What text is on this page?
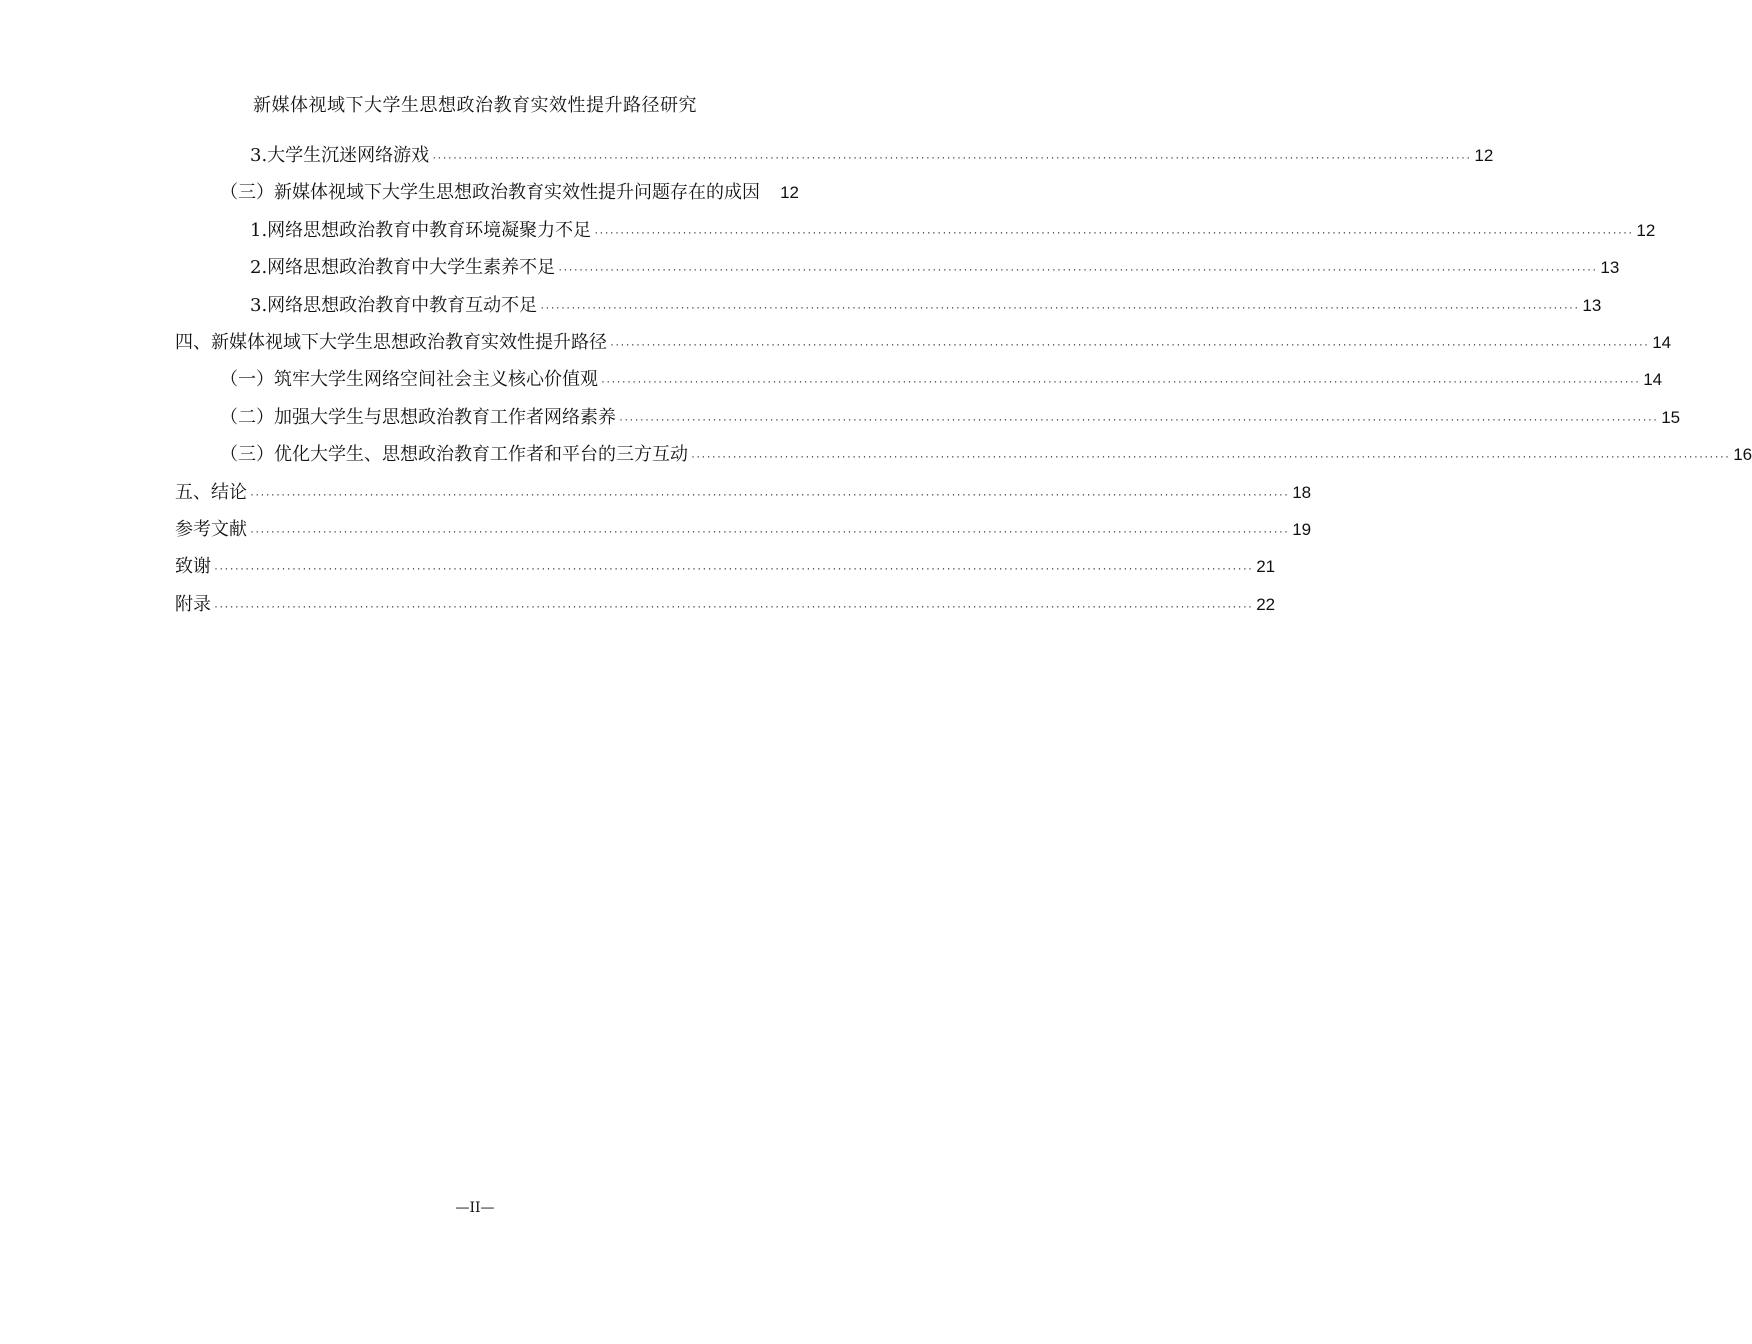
新媒体视域下大学生思想政治教育实效性提升路径研究
3.大学生沉迷网络游戏 ········································································································································································································ 12
（三）新媒体视域下大学生思想政治教育实效性提升问题存在的成因 12
1.网络思想政治教育中教育环境凝聚力不足 ········································································································································································································ 12
2.网络思想政治教育中大学生素养不足 ········································································································································································································ 13
3.网络思想政治教育中教育互动不足 ········································································································································································································ 13
四、新媒体视域下大学生思想政治教育实效性提升路径 ········································································································································································································ 14
（一）筑牢大学生网络空间社会主义核心价值观 ········································································································································································································ 14
（二）加强大学生与思想政治教育工作者网络素养 ········································································································································································································ 15
（三）优化大学生、思想政治教育工作者和平台的三方互动 ········································································································································································································ 16
五、结论 ········································································································································································································ 18
参考文献 ········································································································································································································ 19
致谢 ········································································································································································································ 21
附录 ········································································································································································································ 22
—II—
